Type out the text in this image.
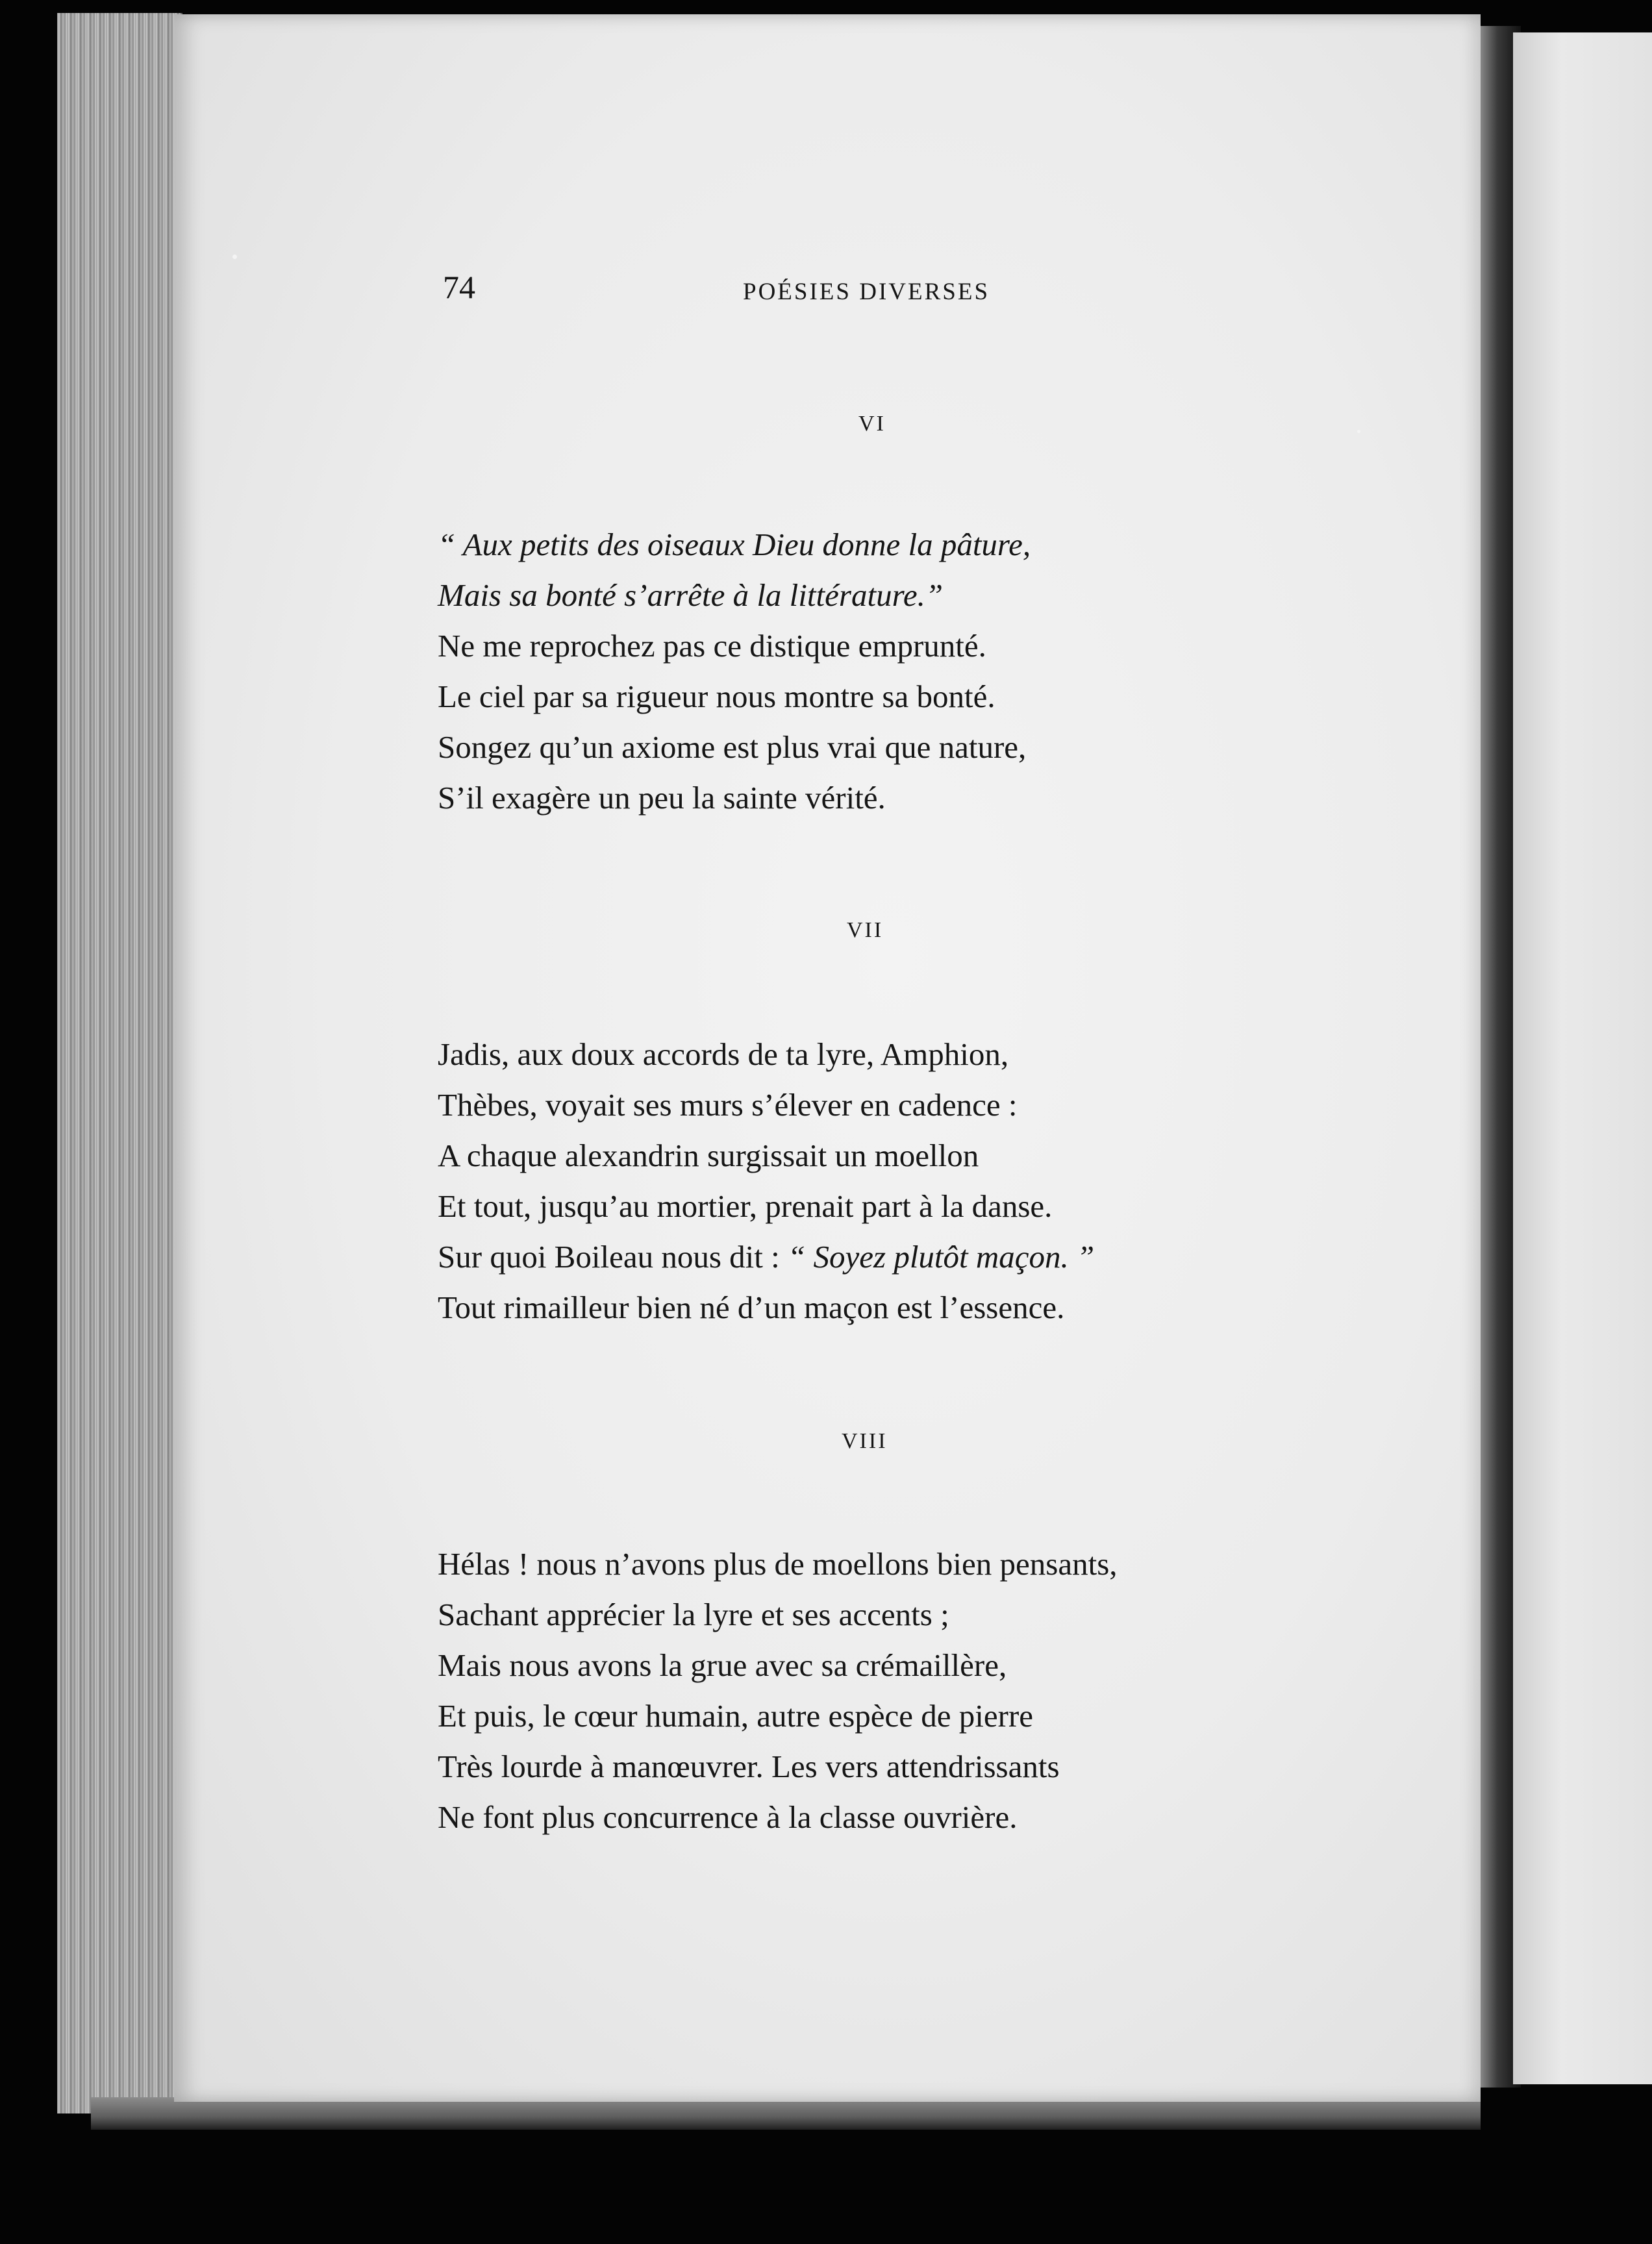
74	POÉSIES DIVERSES
VI
“ Aux petits des oiseaux Dieu donne la pâture,
Mais sa bonté s’arrête à la littérature.”
Ne me reprochez pas ce distique emprunté.
Le ciel par sa rigueur nous montre sa bonté.
Songez qu’un axiome est plus vrai que nature,
S’il exagère un peu la sainte vérité.
VII
Jadis, aux doux accords de ta lyre, Amphion,
Thèbes, voyait ses murs s’élever en cadence :
A chaque alexandrin surgissait un moellon
Et tout, jusqu’au mortier, prenait part à la danse.
Sur quoi Boileau nous dit : “ Soyez plutôt maçon. ”
Tout rimailleur bien né d’un maçon est l’essence.
VIII
Hélas ! nous n’avons plus de moellons bien pensants,
Sachant apprécier la lyre et ses accents ;
Mais nous avons la grue avec sa crémaillère,
Et puis, le cœur humain, autre espèce de pierre
Très lourde à manœuvrer. Les vers attendrissants
Ne font plus concurrence à la classe ouvrière.
